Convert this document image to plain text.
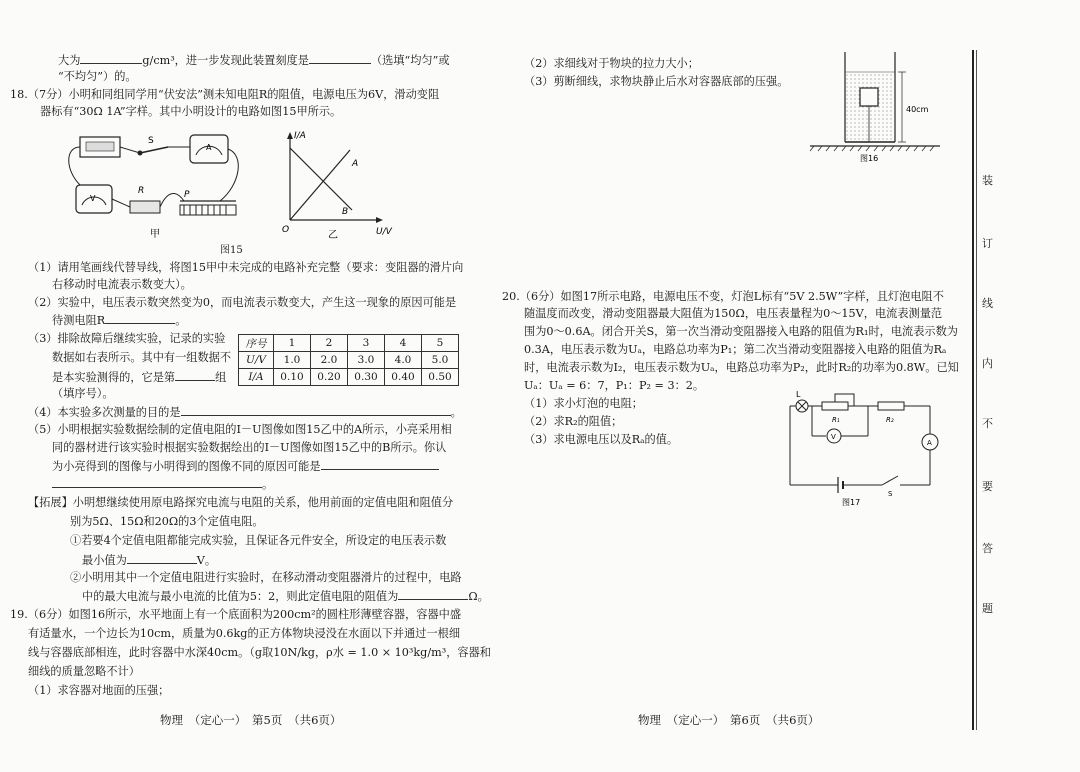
大为	g/cm³，进一步发现此装置刻度是	（选填“均匀”或
“不均匀”）的。
18.（7分）小明和同组同学用“伏安法”测未知电阻R的阻值，电源电压为6V，滑动变阻
器标有“30Ω 1A”字样。其中小明设计的电路如图15甲所示。
S
A
V
R	P
甲
I/A
U/V
O
A
B
乙
图15
（1）请用笔画线代替导线，将图15甲中未完成的电路补充完整（要求：变阻器的滑片向
右移动时电流表示数变大）。
（2）实验中，电压表示数突然变为0，而电流表示数变大，产生这一现象的原因可能是
待测电阻R	。
（3）排除故障后继续实验，记录的实验
数据如右表所示。其中有一组数据不
是本实验测得的，它是第	组
（填序号）。
序号	1	2	3	4	5
U/V	1.0	2.0	3.0	4.0	5.0
I/A	0.10	0.20	0.30	0.40	0.50
（4）本实验多次测量的目的是	。
（5）小明根据实验数据绘制的定值电阻的I－U图像如图15乙中的A所示，小亮采用相
同的器材进行该实验时根据实验数据绘出的I－U图像如图15乙中的B所示。你认
为小亮得到的图像与小明得到的图像不同的原因可能是
。
【拓展】小明想继续使用原电路探究电流与电阻的关系，他用前面的定值电阻和阻值分
别为5Ω、15Ω和20Ω的3个定值电阻。
①若要4个定值电阻都能完成实验，且保证各元件安全，所设定的电压表示数
最小值为	V。
②小明用其中一个定值电阻进行实验时，在移动滑动变阻器滑片的过程中，电路
中的最大电流与最小电流的比值为5：2，则此定值电阻的阻值为	Ω。
19.（6分）如图16所示，水平地面上有一个底面积为200cm²的圆柱形薄壁容器，容器中盛
有适量水，一个边长为10cm，质量为0.6kg的正方体物块浸没在水面以下并通过一根细
线与容器底部相连，此时容器中水深40cm。（g取10N/kg，ρ水 = 1.0 × 10³kg/m³，容器和
细线的质量忽略不计）
（1）求容器对地面的压强；
物理　（定心一）　第5页　（共6页）
（2）求细线对于物块的拉力大小；
（3）剪断细线，求物块静止后水对容器底部的压强。
40cm
图16
20.（6分）如图17所示电路，电源电压不变，灯泡L标有“5V 2.5W”字样，且灯泡电阻不
随温度而改变，滑动变阻器最大阻值为150Ω，电压表量程为0～15V，电流表测量范
围为0～0.6A。闭合开关S，第一次当滑动变阻器接入电路的阻值为R₁时，电流表示数为
0.3A，电压表示数为Uₐ，电路总功率为P₁；第二次当滑动变阻器接入电路的阻值为Rₐ
时，电流表示数为I₂，电压表示数为Uₐ，电路总功率为P₂，此时R₂的功率为0.8W。已知
Uₐ：Uₐ = 6：7，P₁：P₂ = 3：2。
（1）求小灯泡的电阻；
（2）求R₂的阻值；
（3）求电源电压以及Rₐ的值。
L
R₁	R₂
V
A
S
图17
物理　（定心一）　第6页　（共6页）
装
订
线
内
不
要
答
题
